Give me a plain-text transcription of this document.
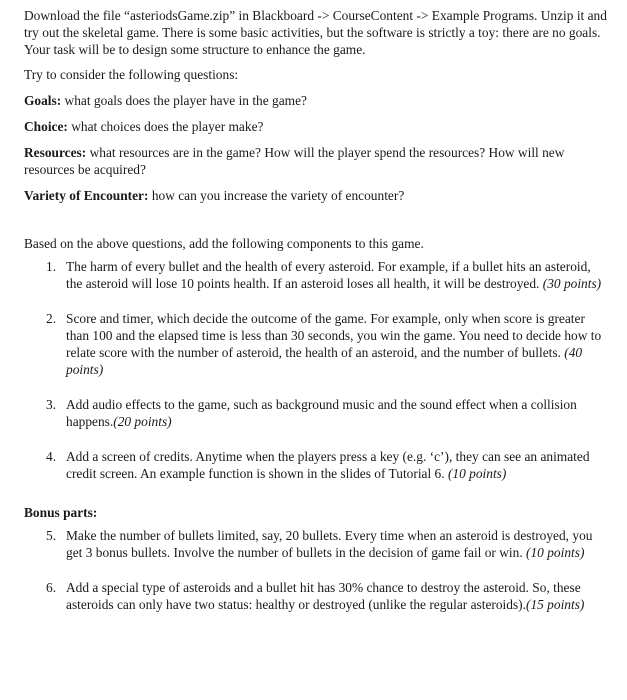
Download the file “asteriodsGame.zip” in Blackboard -> CourseContent -> Example Programs. Unzip it and try out the skeletal game. There is some basic activities, but the software is strictly a toy: there are no goals. Your task will be to design some structure to enhance the game.

Try to consider the following questions:

Goals: what goals does the player have in the game?

Choice: what choices does the player make?

Resources: what resources are in the game? How will the player spend the resources? How will new resources be acquired?

Variety of Encounter: how can you increase the variety of encounter?

Based on the above questions, add the following components to this game.

1. The harm of every bullet and the health of every asteroid. For example, if a bullet hits an asteroid, the asteroid will lose 10 points health. If an asteroid loses all health, it will be destroyed. (30 points)
2. Score and timer, which decide the outcome of the game. For example, only when score is greater than 100 and the elapsed time is less than 30 seconds, you win the game. You need to decide how to relate score with the number of asteroid, the health of an asteroid, and the number of bullets. (40 points)
3. Add audio effects to the game, such as background music and the sound effect when a collision happens.(20 points)
4. Add a screen of credits. Anytime when the players press a key (e.g. ‘c’), they can see an animated credit screen. An example function is shown in the slides of Tutorial 6. (10 points)

Bonus parts:

5. Make the number of bullets limited, say, 20 bullets. Every time when an asteroid is destroyed, you get 3 bonus bullets. Involve the number of bullets in the decision of game fail or win. (10 points)
6. Add a special type of asteroids and a bullet hit has 30% chance to destroy the asteroid. So, these asteroids can only have two status: healthy or destroyed (unlike the regular asteroids).(15 points)
